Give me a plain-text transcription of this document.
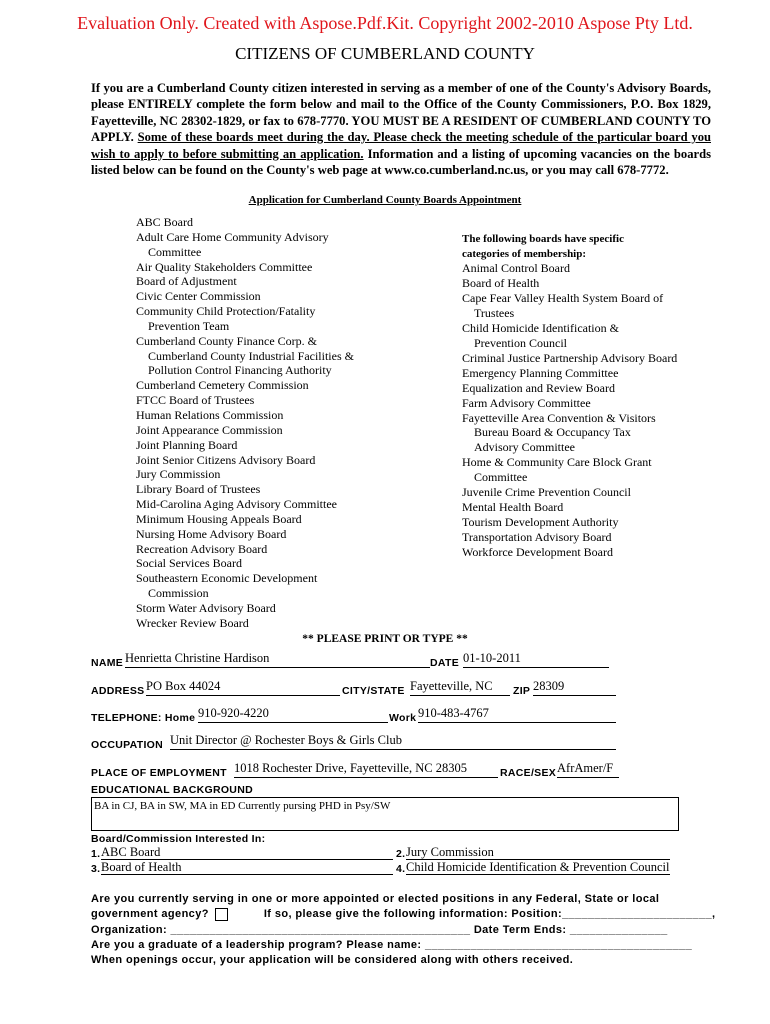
Evaluation Only. Created with Aspose.Pdf.Kit. Copyright 2002-2010 Aspose Pty Ltd.
CITIZENS OF CUMBERLAND COUNTY

If you are a Cumberland County citizen interested in serving as a member of one of the County's Advisory Boards, please ENTIRELY complete the form below and mail to the Office of the County Commissioners, P.O. Box 1829, Fayetteville, NC 28302-1829, or fax to 678-7770. YOU MUST BE A RESIDENT OF CUMBERLAND COUNTY TO APPLY. Some of these boards meet during the day. Please check the meeting schedule of the particular board you wish to apply to before submitting an application. Information and a listing of upcoming vacancies on the boards listed below can be found on the County's web page at www.co.cumberland.nc.us, or you may call 678-7772.

Application for Cumberland County Boards Appointment
ABC Board
Adult Care Home Community Advisory
Committee
Air Quality Stakeholders Committee
Board of Adjustment
Civic Center Commission
Community Child Protection/Fatality
Prevention Team
Cumberland County Finance Corp. &
Cumberland County Industrial Facilities &
Pollution Control Financing Authority
Cumberland Cemetery Commission
FTCC Board of Trustees
Human Relations Commission
Joint Appearance Commission
Joint Planning Board
Joint Senior Citizens Advisory Board
Jury Commission
Library Board of Trustees
Mid-Carolina Aging Advisory Committee
Minimum Housing Appeals Board
Nursing Home Advisory Board
Recreation Advisory Board
Social Services Board
Southeastern Economic Development
Commission
Storm Water Advisory Board
Wrecker Review Board
The following boards have specific
categories of membership:
Animal Control Board
Board of Health
Cape Fear Valley Health System Board of
Trustees
Child Homicide Identification &
Prevention Council
Criminal Justice Partnership Advisory Board
Emergency Planning Committee
Equalization and Review Board
Farm Advisory Committee
Fayetteville Area Convention & Visitors
Bureau Board & Occupancy Tax
Advisory Committee
Home & Community Care Block Grant
Committee
Juvenile Crime Prevention Council
Mental Health Board
Tourism Development Authority
Transportation Advisory Board
Workforce Development Board
** PLEASE PRINT OR TYPE **
NAME Henrietta Christine Hardison	DATE 01-10-2011
ADDRESS PO Box 44024	CITY/STATE Fayetteville, NC ZIP 28309
TELEPHONE: Home 910-920-4220	Work 910-483-4767
OCCUPATION Unit Director @ Rochester Boys & Girls Club
PLACE OF EMPLOYMENT 1018 Rochester Drive, Fayetteville, NC 28305	RACE/SEX AfrAmer/F
EDUCATIONAL BACKGROUND
BA in CJ, BA in SW, MA in ED Currently pursing PHD in Psy/SW
Board/Commission Interested In:
1. ABC Board	2. Jury Commission
3. Board of Health	4. Child Homicide Identification & Prevention Council

Are you currently serving in one or more appointed or elected positions in any Federal, State or local

government agency?	If so, please give the following information: Position:_______________________,

Organization: ______________________________________________ Date Term Ends: _______________

Are you a graduate of a leadership program? Please name: _________________________________________

When openings occur, your application will be considered along with others received.
